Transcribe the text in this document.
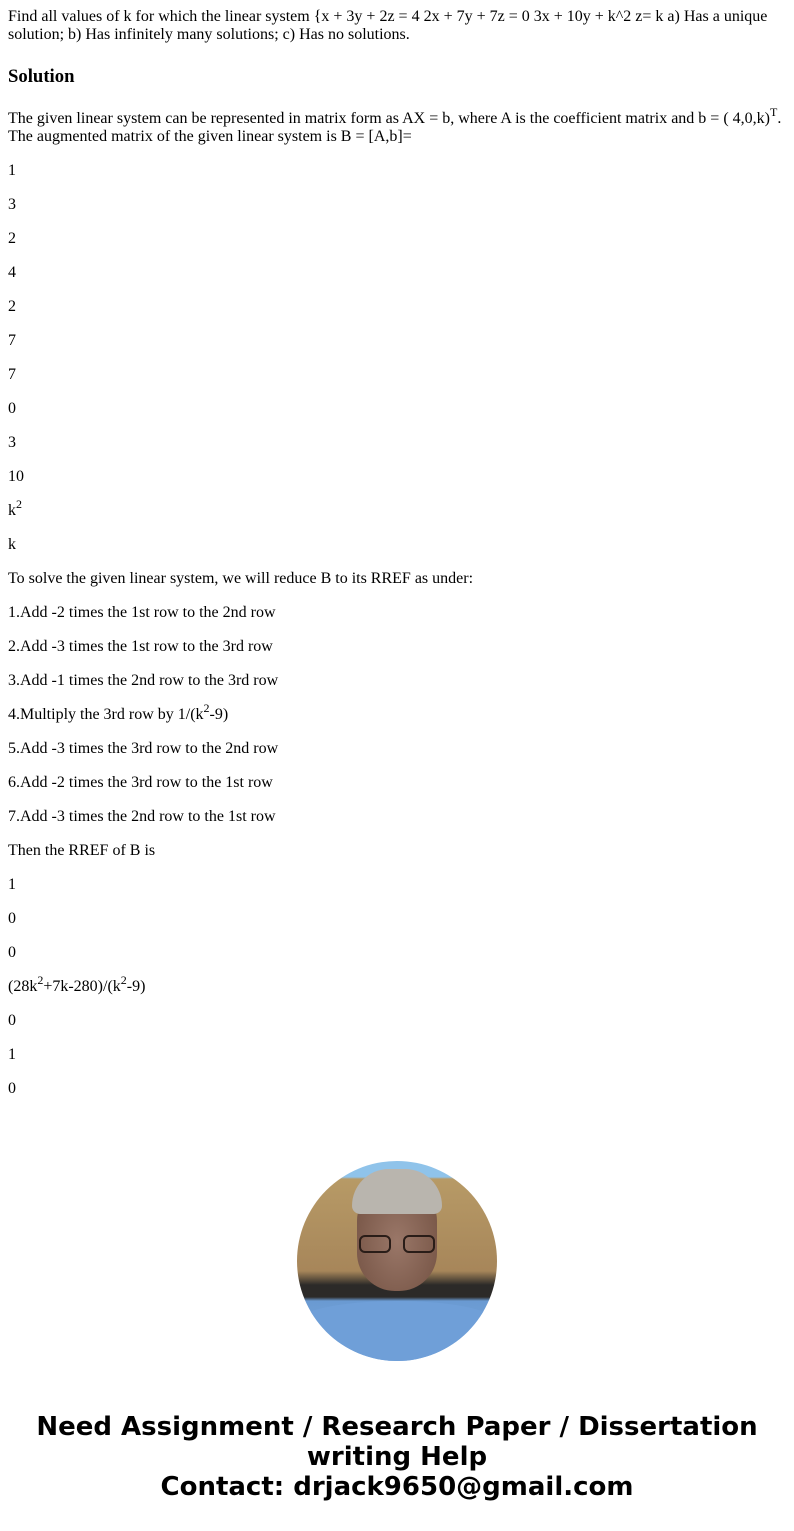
Find all values of k for which the linear system {x + 3y + 2z = 4 2x + 7y + 7z = 0 3x + 10y + k^2 z= k a) Has a unique solution; b) Has infinitely many solutions; c) Has no solutions.

Solution

The given linear system can be represented in matrix form as AX = b, where A is the coefficient matrix and b = ( 4,0,k)$^T$. The augmented matrix of the given linear system is B = [A,b]=

1

3

2

4

2

7

7

0

3

10

$k^2$

k

To solve the given linear system, we will reduce B to its RREF as under:

1.Add -2 times the 1st row to the 2nd row

2.Add -3 times the 1st row to the 3rd row

3.Add -1 times the 2nd row to the 3rd row

4.Multiply the 3rd row by $1/(k^2-9)$

5.Add -3 times the 3rd row to the 2nd row

6.Add -2 times the 3rd row to the 1st row

7.Add -3 times the 2nd row to the 1st row

Then the RREF of B is

1

0

0

$(28k^2+7k-280)/(k^2-9)$

0

1

0

Need Assignment / Research Paper / Dissertation
writing Help
Contact: drjack9650@gmail.com
